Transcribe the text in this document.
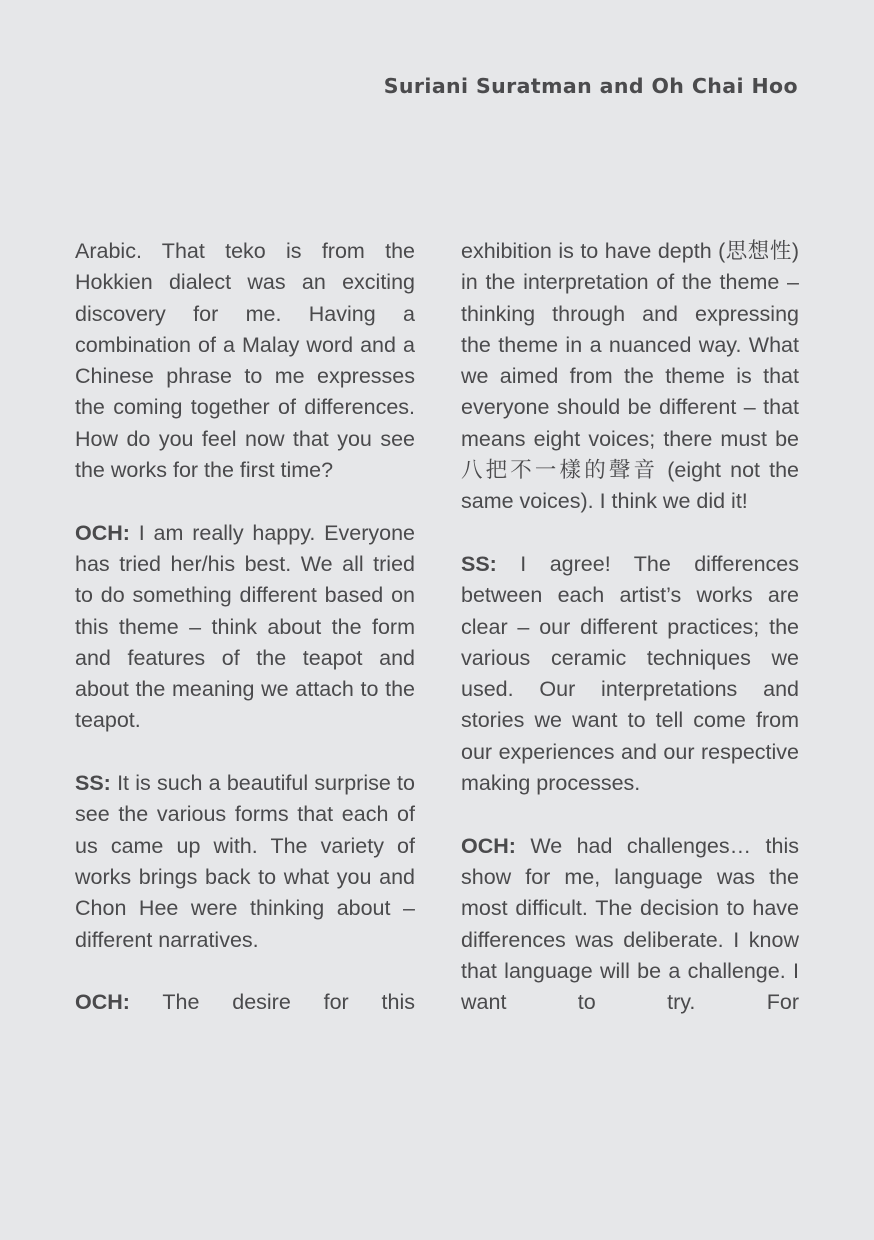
Suriani Suratman and Oh Chai Hoo

Arabic. That teko is from the Hokkien dialect was an exciting discovery for me. Having a combination of a Malay word and a Chinese phrase to me expresses the coming together of differences. How do you feel now that you see the works for the first time?

OCH: I am really happy. Everyone has tried her/his best. We all tried to do something different based on this theme – think about the form and features of the teapot and about the meaning we attach to the teapot.

SS: It is such a beautiful surprise to see the various forms that each of us came up with. The variety of works brings back to what you and Chon Hee were thinking about – different narratives.

OCH: The desire for this

exhibition is to have depth (思想性) in the interpretation of the theme –thinking through and expressing the theme in a nuanced way. What we aimed from the theme is that everyone should be different – that means eight voices; there must be 八把不一樣的聲音 (eight not the same voices). I think we did it!

SS: I agree! The differences between each artist’s works are clear – our different practices; the various ceramic techniques we used. Our interpretations and stories we want to tell come from our experiences and our respective making processes.

OCH: We had challenges… this show for me, language was the most difficult. The decision to have differences was deliberate. I know that language will be a challenge. I want to try. For
